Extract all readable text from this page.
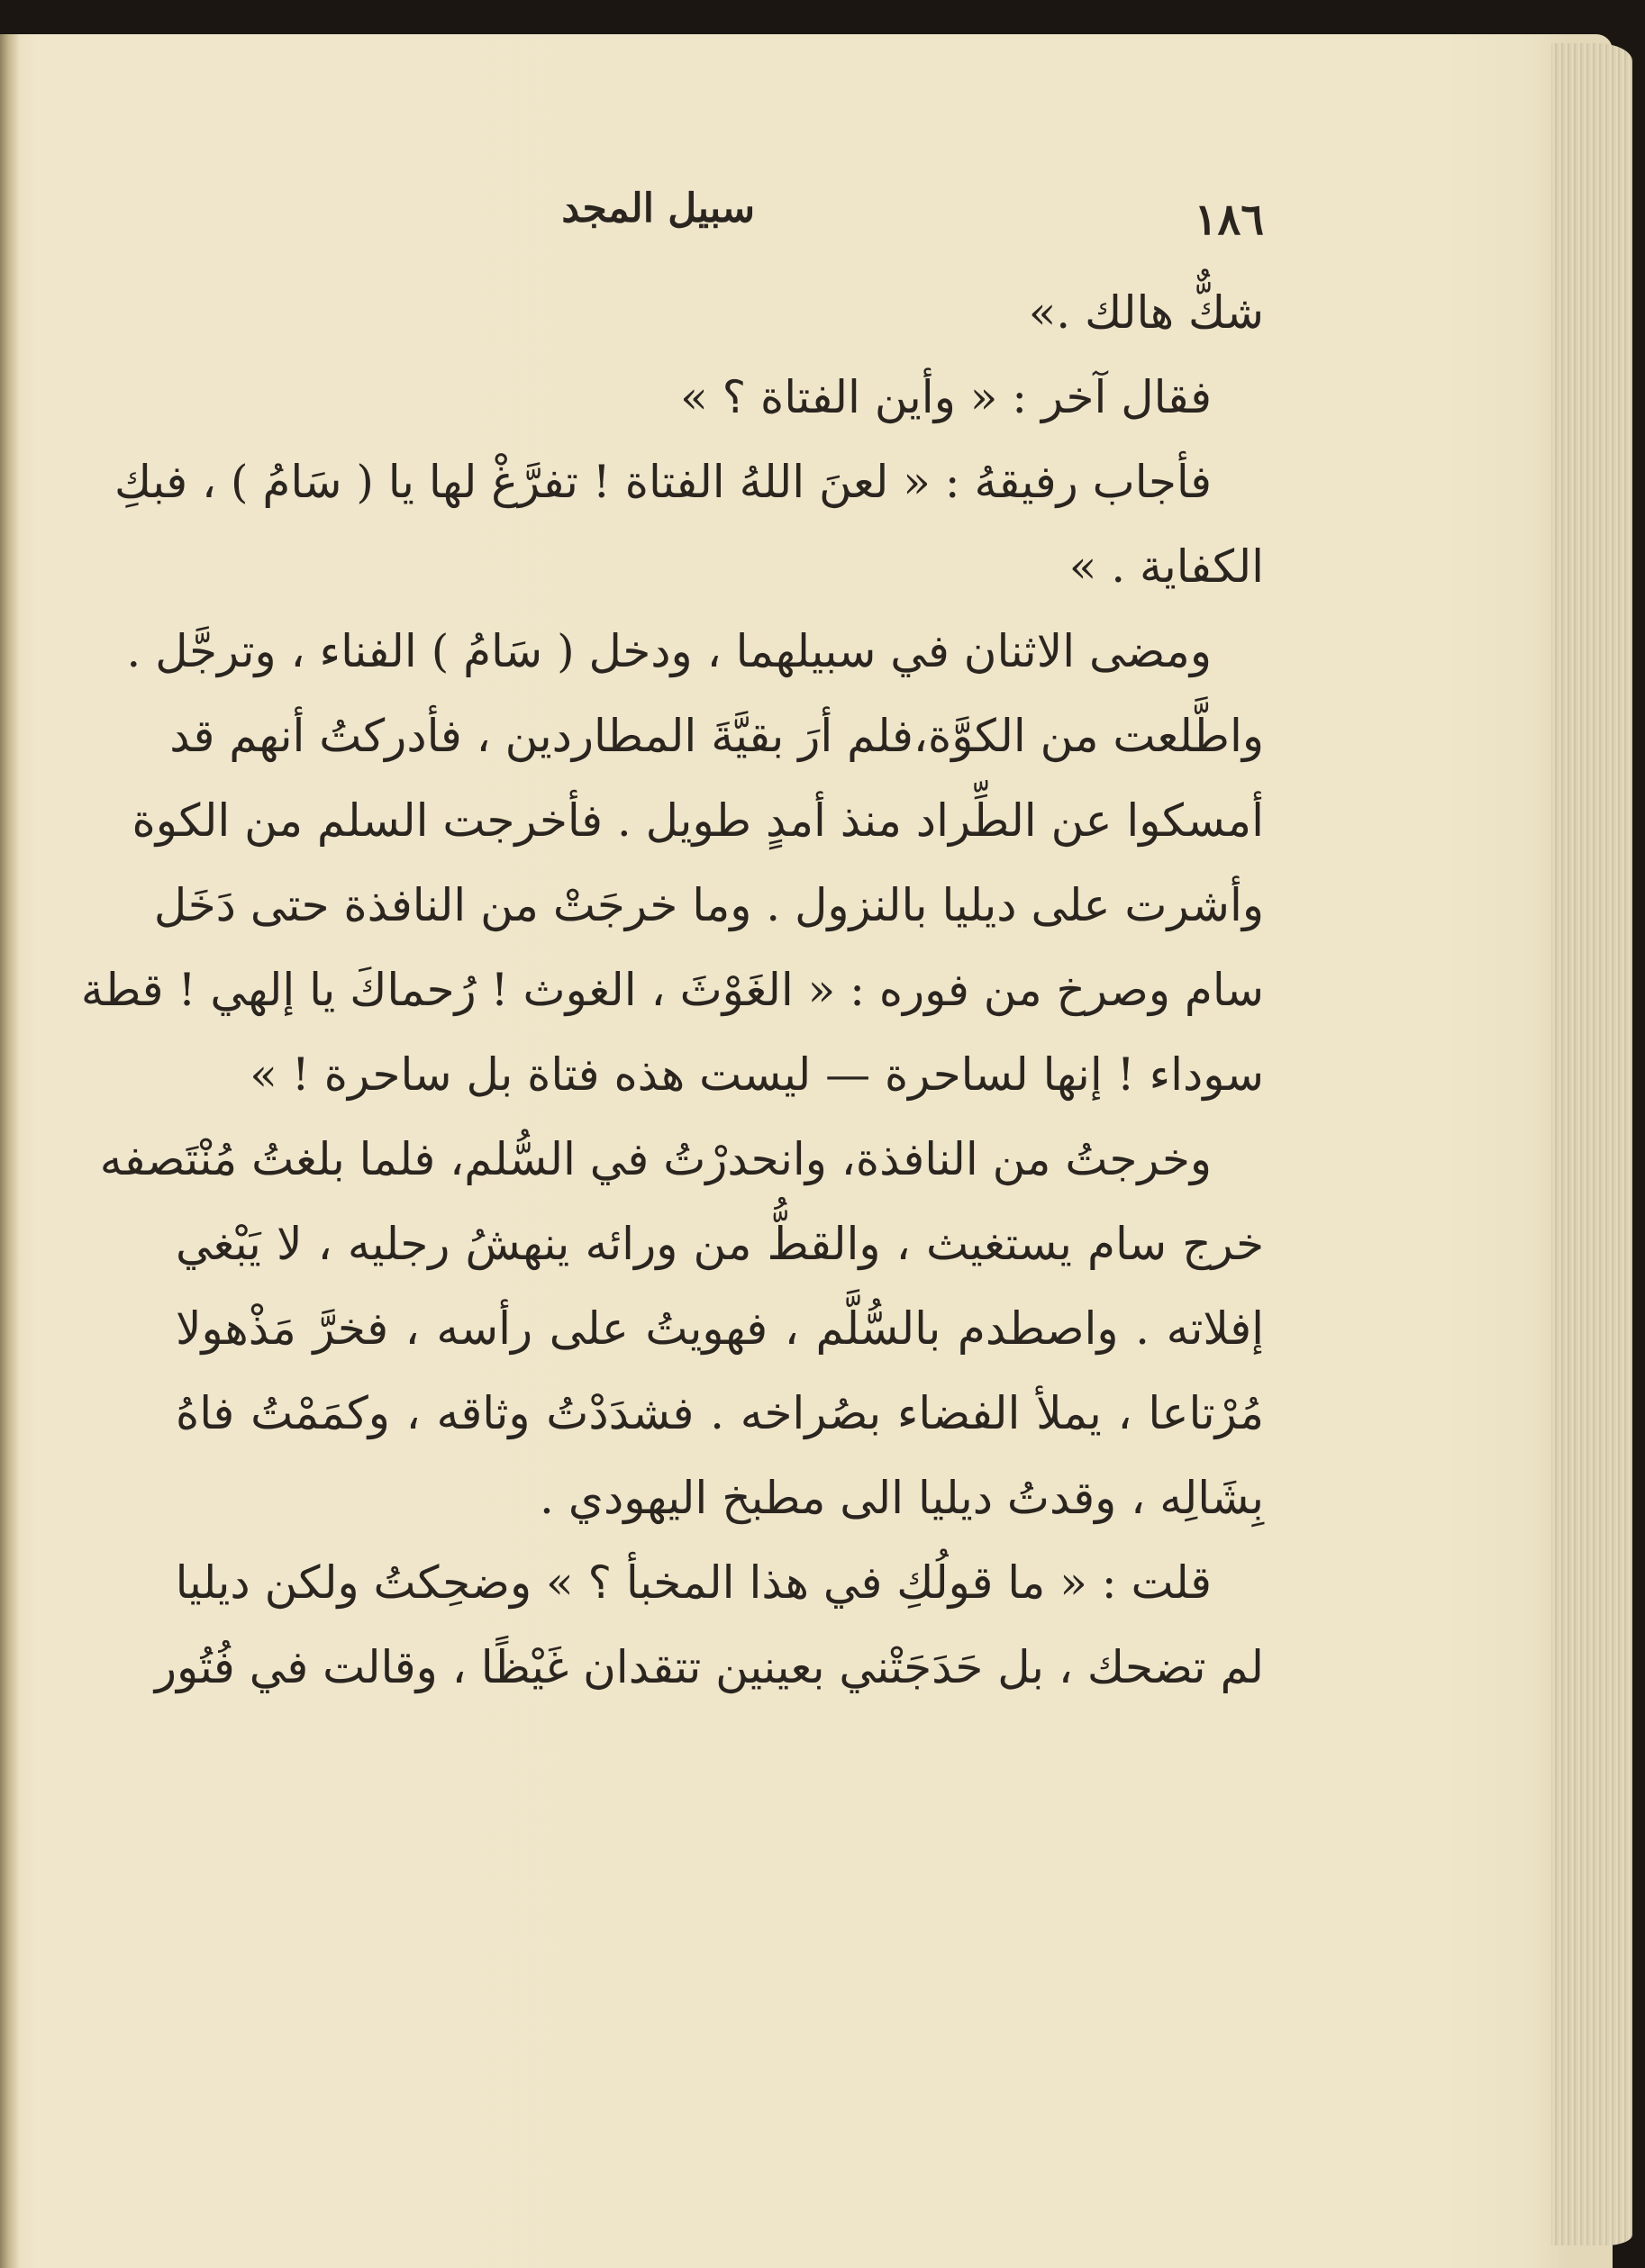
١٨٦
سبيل المجد
شكٌّ هالك .»
فقال آخر : « وأين الفتاة ؟ »
فأجاب رفيقهُ : « لعنَ اللهُ الفتاة ! تفرَّغْ لها يا ( سَامُ ) ، فبكِ
الكفاية . »
ومضى الاثنان في سبيلهما ، ودخل ( سَامُ ) الفناء ، وترجَّل .
واطَّلعت من الكوَّة،فلم أرَ بقيَّةَ المطاردين ، فأدركتُ أنهم قد
أمسكوا عن الطِّراد منذ أمدٍ طويل . فأخرجت السلم من الكوة
وأشرت على ديليا بالنزول . وما خرجَتْ من النافذة حتى دَخَل
سام وصرخ من فوره : « الغَوْثَ ، الغوث ! رُحماكَ يا إلهي ! قطة
سوداء ! إنها لساحرة — ليست هذه فتاة بل ساحرة ! »
وخرجتُ من النافذة، وانحدرْتُ في السُّلم، فلما بلغتُ مُنْتَصفه
خرج سام يستغيث ، والقطُّ من ورائه ينهشُ رجليه ، لا يَبْغي
إفلاته . واصطدم بالسُّلَّم ، فهويتُ على رأسه ، فخرَّ مَذْهولا
مُرْتاعا ، يملأ الفضاء بصُراخه . فشدَدْتُ وثاقه ، وكمَمْتُ فاهُ
بِشَالِه ، وقدتُ ديليا الى مطبخ اليهودي .
قلت : « ما قولُكِ في هذا المخبأ ؟ » وضحِكتُ ولكن ديليا
لم تضحك ، بل حَدَجَتْني بعينين تتقدان غَيْظًا ، وقالت في فُتُور
